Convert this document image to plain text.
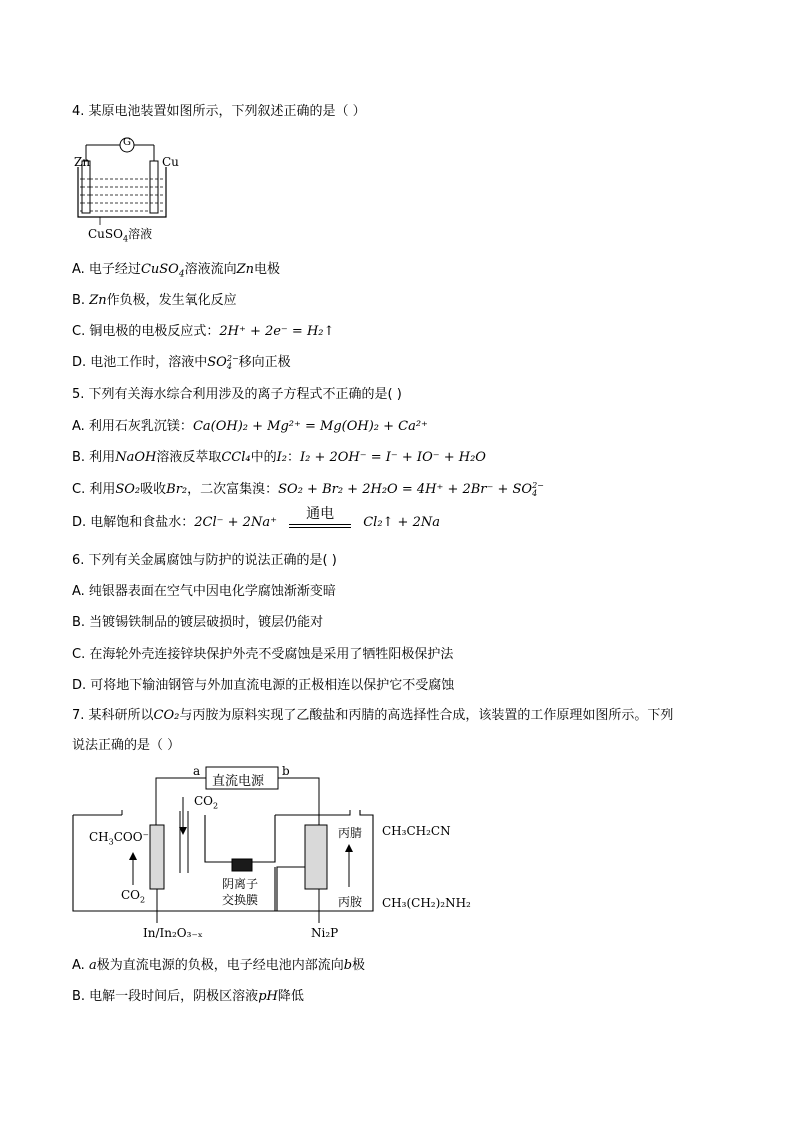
4. 某原电池装置如图所示，下列叙述正确的是（ ）
G
Zn	Cu
CuSO$_4$溶液
A. 电子经过CuSO$_4$溶液流向Zn电极
B. Zn作负极，发生氧化反应
C. 铜电极的电极反应式：2H⁺ + 2e⁻ = H₂↑
D. 电池工作时，溶液中SO 2−
4 移向正极
5. 下列有关海水综合利用涉及的离子方程式不正确的是( )
A. 利用石灰乳沉镁：Ca(OH)₂ + Mg²⁺ = Mg(OH)₂ + Ca²⁺
B. 利用NaOH溶液反萃取CCl₄中的I₂：I₂ + 2OH⁻ = I⁻ + IO⁻ + H₂O
C. 利用SO₂吸收Br₂，二次富集溴：SO₂ + Br₂ + 2H₂O = 4H⁺ + 2Br⁻ + SO 2−
4
D. 电解饱和食盐水：2Cl⁻ + 2Na⁺ 通电
Cl₂↑ + 2Na
6. 下列有关金属腐蚀与防护的说法正确的是( )
A. 纯银器表面在空气中因电化学腐蚀渐渐变暗
B. 当镀锡铁制品的镀层破损时，镀层仍能对
C. 在海轮外壳连接锌块保护外壳不受腐蚀是采用了牺牲阳极保护法
D. 可将地下输油钢管与外加直流电源的正极相连以保护它不受腐蚀
7. 某科研所以CO₂与丙胺为原料实现了乙酸盐和丙腈的高选择性合成，该装置的工作原理如图所示。下列
说法正确的是（ ）
直流电源
a	b
$CO_2$
$CH_3COO^-$
$CO_2$
阴离子
交换膜
In/In₂O₃₋ₓ	Ni₂P
丙腈
丙胺
CH₃CH₂CN
CH₃(CH₂)₂NH₂
A. a极为直流电源的负极，电子经电池内部流向b极
B. 电解一段时间后，阴极区溶液pH降低
